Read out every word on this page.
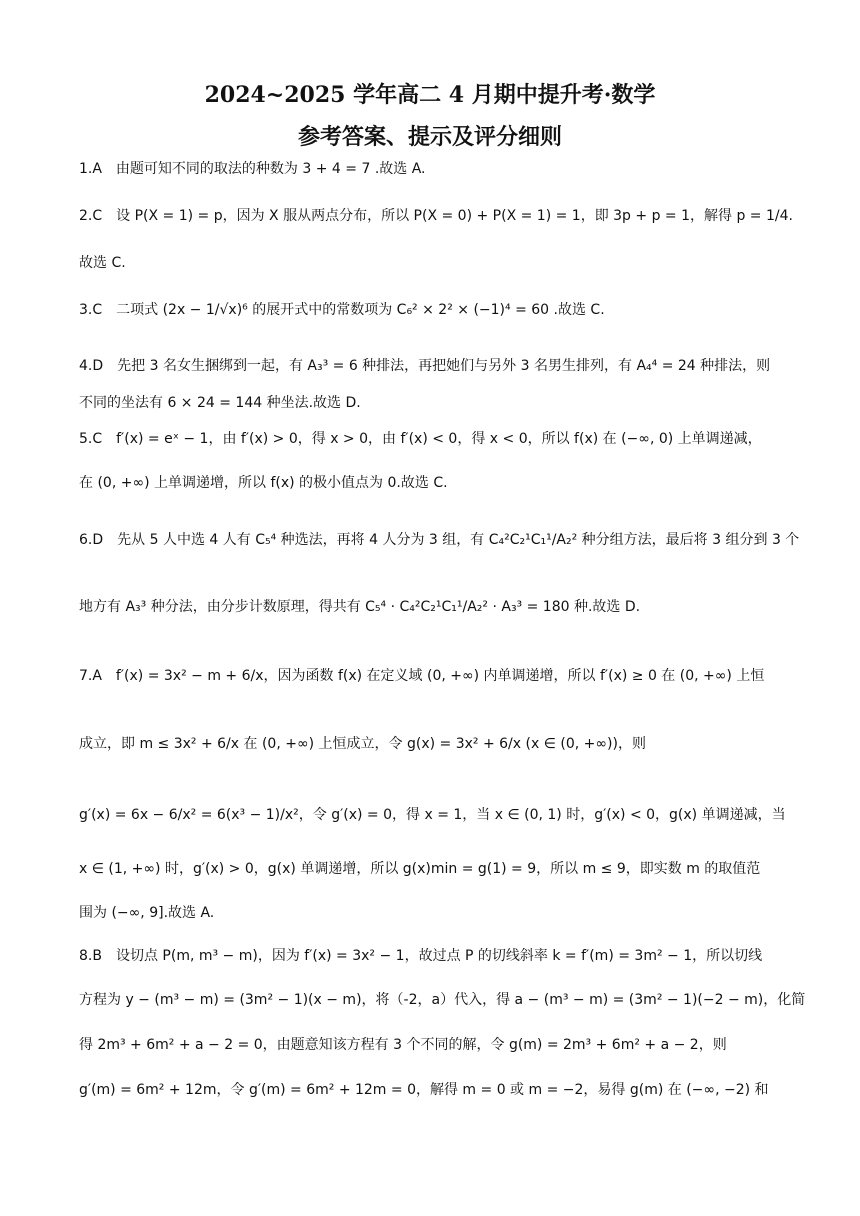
2024~2025 学年高二 4 月期中提升考·数学
参考答案、提示及评分细则
1.A　由题可知不同的取法的种数为 3 + 4 = 7 .故选 A.
2.C　设 P(X = 1) = p，因为 X 服从两点分布，所以 P(X = 0) + P(X = 1) = 1，即 3p + p = 1，解得 p = 1/4.
故选 C.
3.C　二项式 (2x − 1/√x)⁶ 的展开式中的常数项为 C₆² × 2² × (−1)⁴ = 60 .故选 C.
4.D　先把 3 名女生捆绑到一起，有 A₃³ = 6 种排法，再把她们与另外 3 名男生排列，有 A₄⁴ = 24 种排法，则
不同的坐法有 6 × 24 = 144 种坐法.故选 D.
5.C　f′(x) = eˣ − 1，由 f′(x) > 0，得 x > 0，由 f′(x) < 0，得 x < 0，所以 f(x) 在 (−∞, 0) 上单调递减，
在 (0, +∞) 上单调递增，所以 f(x) 的极小值点为 0.故选 C.
6.D　先从 5 人中选 4 人有 C₅⁴ 种选法，再将 4 人分为 3 组，有 C₄²C₂¹C₁¹/A₂² 种分组方法，最后将 3 组分到 3 个
地方有 A₃³ 种分法，由分步计数原理，得共有 C₅⁴ · C₄²C₂¹C₁¹/A₂² · A₃³ = 180 种.故选 D.
7.A　f′(x) = 3x² − m + 6/x，因为函数 f(x) 在定义域 (0, +∞) 内单调递增，所以 f′(x) ≥ 0 在 (0, +∞) 上恒
成立，即 m ≤ 3x² + 6/x 在 (0, +∞) 上恒成立，令 g(x) = 3x² + 6/x (x ∈ (0, +∞))，则
g′(x) = 6x − 6/x² = 6(x³ − 1)/x²，令 g′(x) = 0，得 x = 1，当 x ∈ (0, 1) 时，g′(x) < 0，g(x) 单调递减，当
x ∈ (1, +∞) 时，g′(x) > 0，g(x) 单调递增，所以 g(x)min = g(1) = 9，所以 m ≤ 9，即实数 m 的取值范
围为 (−∞, 9].故选 A.
8.B　设切点 P(m, m³ − m)，因为 f′(x) = 3x² − 1，故过点 P 的切线斜率 k = f′(m) = 3m² − 1，所以切线
方程为 y − (m³ − m) = (3m² − 1)(x − m)，将（-2，a）代入，得 a − (m³ − m) = (3m² − 1)(−2 − m)，化简
得 2m³ + 6m² + a − 2 = 0，由题意知该方程有 3 个不同的解，令 g(m) = 2m³ + 6m² + a − 2，则
g′(m) = 6m² + 12m，令 g′(m) = 6m² + 12m = 0，解得 m = 0 或 m = −2，易得 g(m) 在 (−∞, −2) 和
